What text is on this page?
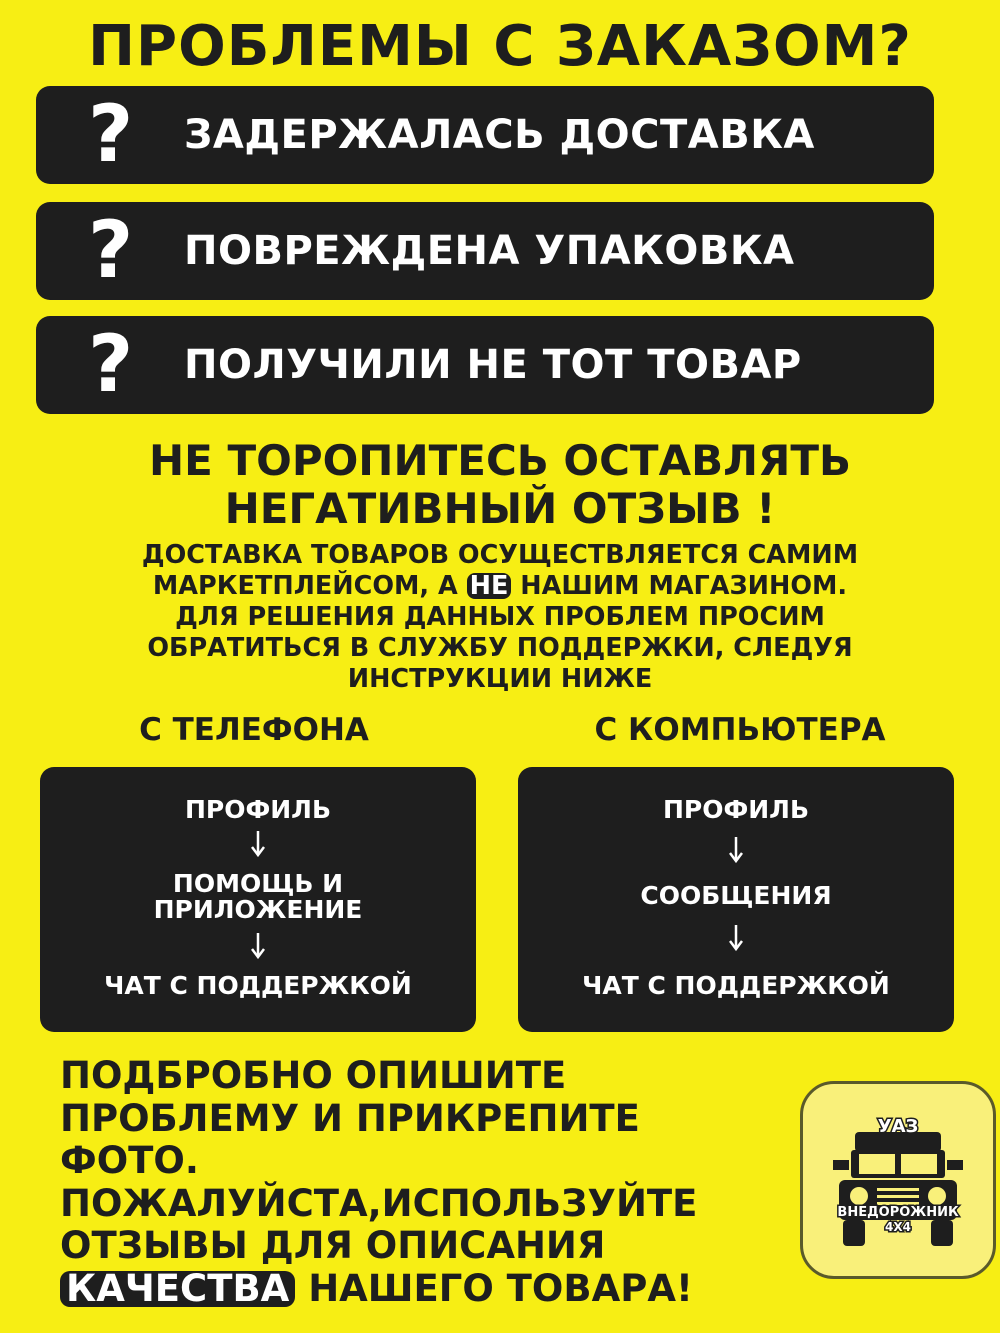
ПРОБЛЕМЫ С ЗАКАЗОМ?
? ЗАДЕРЖАЛАСЬ ДОСТАВКА
? ПОВРЕЖДЕНА УПАКОВКА
? ПОЛУЧИЛИ НЕ ТОТ ТОВАР
НЕ ТОРОПИТЕСЬ ОСТАВЛЯТЬ
НЕГАТИВНЫЙ ОТЗЫВ !
ДОСТАВКА ТОВАРОВ ОСУЩЕСТВЛЯЕТСЯ САМИМ
МАРКЕТПЛЕЙСОМ, А НЕ НАШИМ МАГАЗИНОМ.
ДЛЯ РЕШЕНИЯ ДАННЫХ ПРОБЛЕМ ПРОСИМ
ОБРАТИТЬСЯ В СЛУЖБУ ПОДДЕРЖКИ, СЛЕДУЯ
ИНСТРУКЦИИ НИЖЕ
С ТЕЛЕФОНА	С КОМПЬЮТЕРА
ПРОФИЛЬ
ПОМОЩЬ И
ПРИЛОЖЕНИЕ
ЧАТ С ПОДДЕРЖКОЙ
ПРОФИЛЬ
СООБЩЕНИЯ
ЧАТ С ПОДДЕРЖКОЙ
ПОДБРОБНО ОПИШИТЕ
ПРОБЛЕМУ И ПРИКРЕПИТЕ
ФОТО.
ПОЖАЛУЙСТА,ИСПОЛЬЗУЙТЕ
ОТЗЫВЫ ДЛЯ ОПИСАНИЯ
КАЧЕСТВА НАШЕГО ТОВАРА!
УАЗ
ВНЕДОРОЖНИК
4X4
